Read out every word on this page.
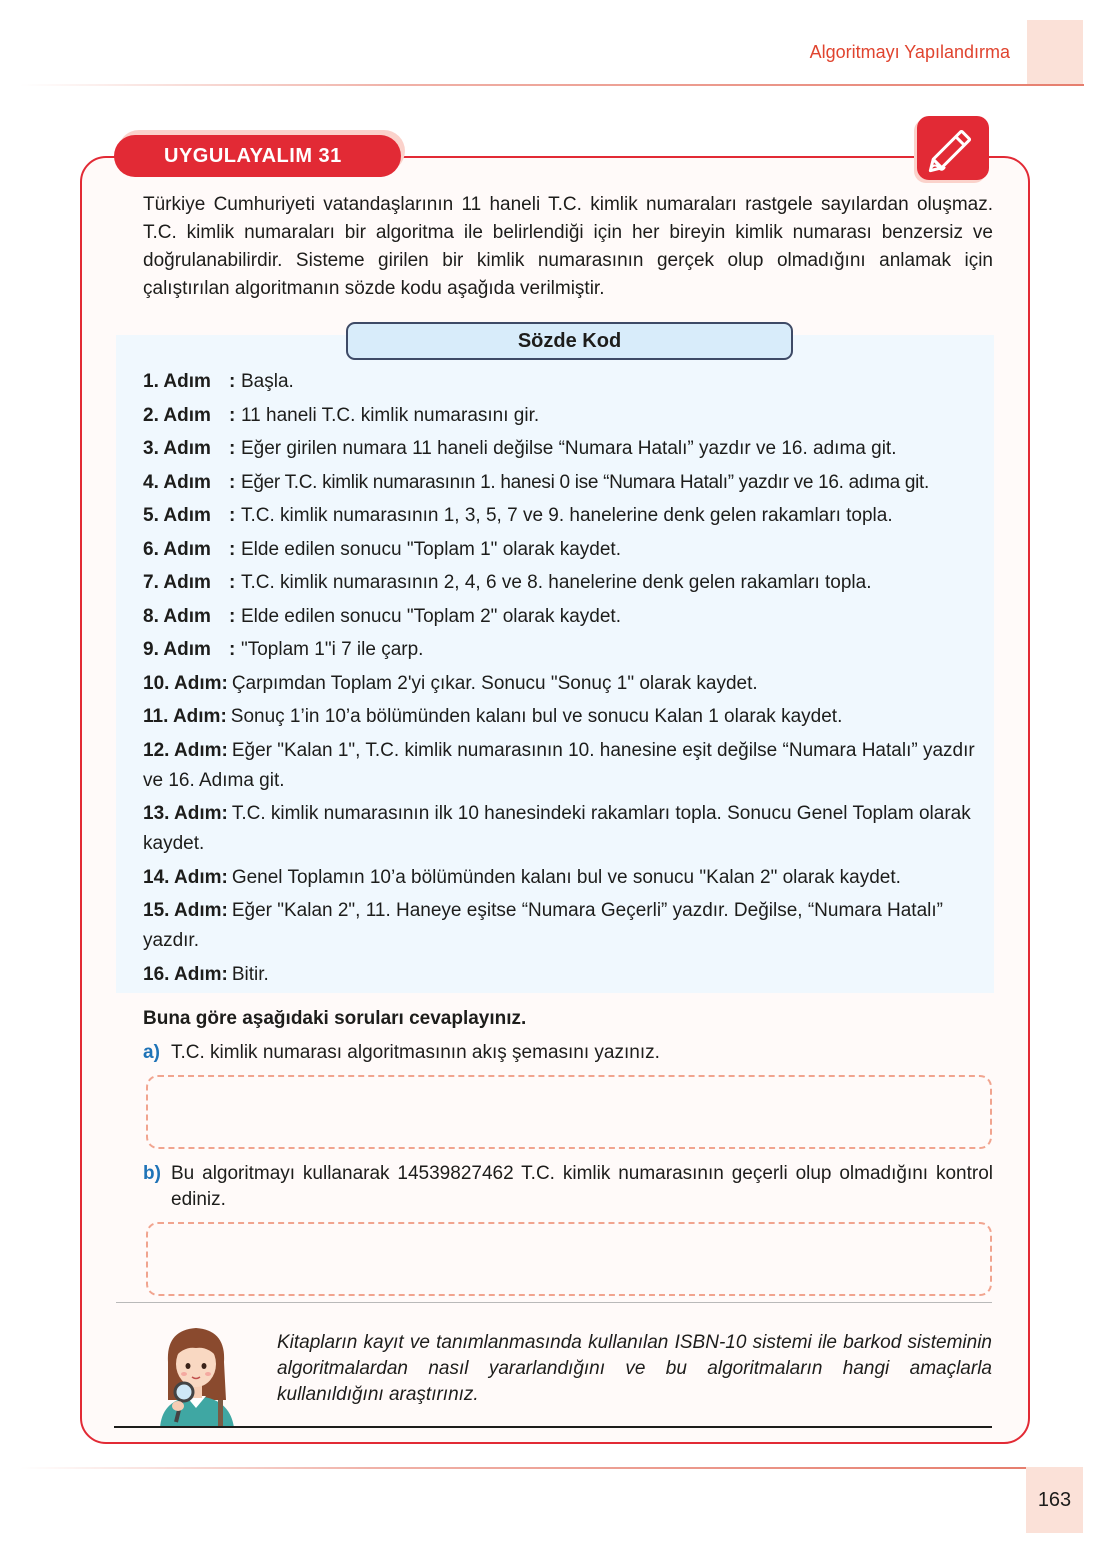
Algoritmayı Yapılandırma
UYGULAYALIM 31

Türkiye Cumhuriyeti vatandaşlarının 11 haneli T.C. kimlik numaraları rastgele sayılardan oluşmaz. T.C. kimlik numaraları bir algoritma ile belirlendiği için her bireyin kimlik numarası benzersiz ve doğrulanabilirdir. Sisteme girilen bir kimlik numarasının gerçek olup olmadığını anlamak için çalıştırılan algoritmanın sözde kodu aşağıda verilmiştir.

Sözde Kod
1. Adım : Başla.
2. Adım : 11 haneli T.C. kimlik numarasını gir.
3. Adım : Eğer girilen numara 11 haneli değilse “Numara Hatalı” yazdır ve 16. adıma git.
4. Adım : Eğer T.C. kimlik numarasının 1. hanesi 0 ise “Numara Hatalı” yazdır ve 16. adıma git.
5. Adım : T.C. kimlik numarasının 1, 3, 5, 7 ve 9. hanelerine denk gelen rakamları topla.
6. Adım : Elde edilen sonucu "Toplam 1" olarak kaydet.
7. Adım : T.C. kimlik numarasının 2, 4, 6 ve 8. hanelerine denk gelen rakamları topla.
8. Adım : Elde edilen sonucu "Toplam 2" olarak kaydet.
9. Adım : "Toplam 1"i 7 ile çarp.
10. Adım: Çarpımdan Toplam 2'yi çıkar. Sonucu "Sonuç 1" olarak kaydet.
11. Adım: Sonuç 1’in 10’a bölümünden kalanı bul ve sonucu Kalan 1 olarak kaydet.
12. Adım: Eğer "Kalan 1", T.C. kimlik numarasının 10. hanesine eşit değilse “Numara Hatalı” yazdır ve 16. Adıma git.
13. Adım: T.C. kimlik numarasının ilk 10 hanesindeki rakamları topla. Sonucu Genel Toplam olarak kaydet.
14. Adım: Genel Toplamın 10’a bölümünden kalanı bul ve sonucu "Kalan 2" olarak kaydet.
15. Adım: Eğer "Kalan 2", 11. Haneye eşitse “Numara Geçerli” yazdır. Değilse, “Numara Hatalı” yazdır.
16. Adım: Bitir.
Buna göre aşağıdaki soruları cevaplayınız.
a) T.C. kimlik numarası algoritmasının akış şemasını yazınız.
b) Bu algoritmayı kullanarak 14539827462 T.C. kimlik numarasının geçerli olup olmadığını kontrol ediniz.

Kitapların kayıt ve tanımlanmasında kullanılan ISBN-10 sistemi ile barkod sisteminin algoritmalardan nasıl yararlandığını ve bu algoritmaların hangi amaçlarla kullanıldığını araştırınız.

163
